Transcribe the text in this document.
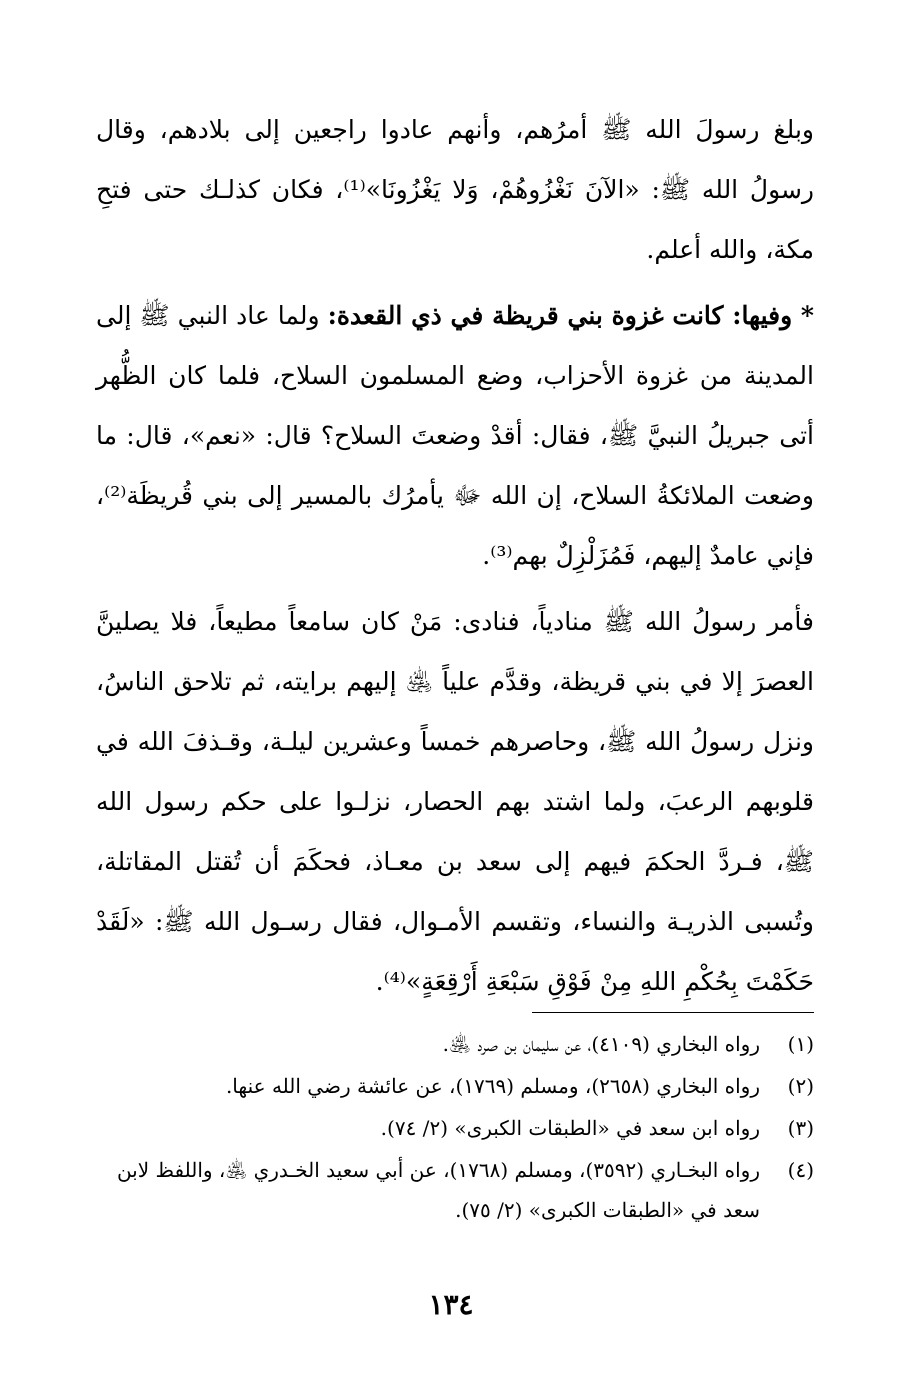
وبلغ رسولَ الله ﷺ أمرُهم، وأنهم عادوا راجعين إلى بلادهم، وقال رسولُ الله ﷺ: «الآنَ نَغْزُوهُمْ، وَلا يَغْزُونَا»⁽¹⁾، فكان كذلـك حتى فتحِ مكة، والله أعلم.

* وفيها: كانت غزوة بني قريظة في ذي القعدة: ولما عاد النبي ﷺ إلى المدينة من غزوة الأحزاب، وضع المسلمون السلاح، فلما كان الظُّهر أتى جبريلُ النبيَّ ﷺ، فقال: أقدْ وضعتَ السلاح؟ قال: «نعم»، قال: ما وضعت الملائكةُ السلاح، إن الله ﷻ يأمرُك بالمسير إلى بني قُريظَة⁽²⁾، فإني عامدٌ إليهم، فَمُزَلْزِلٌ بهم⁽³⁾.

فأمر رسولُ الله ﷺ منادياً، فنادى: مَنْ كان سامعاً مطيعاً، فلا يصلينَّ العصرَ إلا في بني قريظة، وقدَّم علياً ﵁ إليهم برايته، ثم تلاحق الناسُ، ونزل رسولُ الله ﷺ، وحاصرهم خمساً وعشرين ليلـة، وقـذفَ الله في قلوبهم الرعبَ، ولما اشتد بهم الحصار، نزلـوا على حكم رسول الله ﷺ، فـردَّ الحكمَ فيهم إلى سعد بن معـاذ، فحكَمَ أن تُقتل المقاتلة، وتُسبى الذريـة والنساء، وتقسم الأمـوال، فقال رسـول الله ﷺ: «لَقَدْ حَكَمْتَ بِحُكْمِ اللهِ مِنْ فَوْقِ سَبْعَةِ أَرْقِعَةٍ»⁽⁴⁾.

(١)
رواه البخاري (٤١٠٩)، عن سليمان بن صرد ﵁.
(٢)
رواه البخاري (٢٦٥٨)، ومسلم (١٧٦٩)، عن عائشة رضي الله عنها.
(٣)
رواه ابن سعد في «الطبقات الكبرى» (٢/ ٧٤).
(٤)
رواه البخـاري (٣٥٩٢)، ومسلم (١٧٦٨)، عن أبي سعيد الخـدري ﵁، واللفظ لابن سعد في «الطبقات الكبرى» (٢/ ٧٥).
١٣٤
